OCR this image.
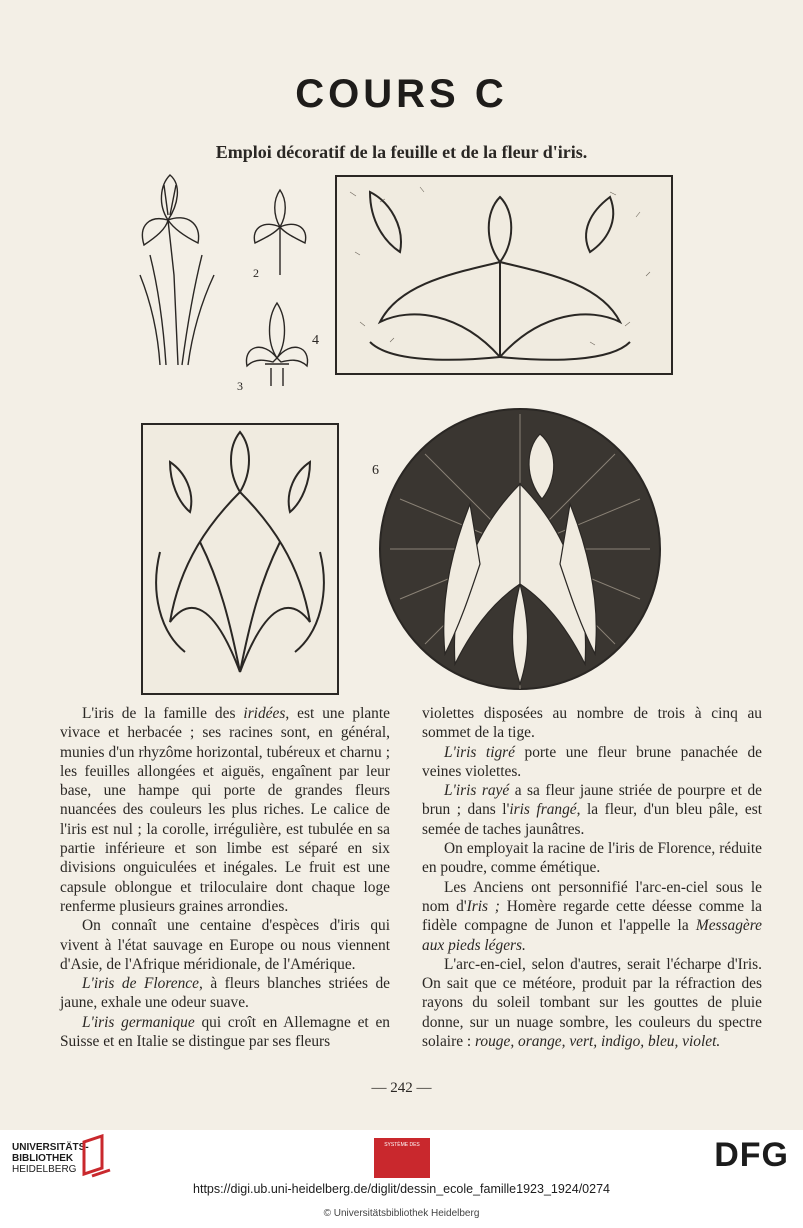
COURS C
Emploi décoratif de la feuille et de la fleur d'iris.
2
3
4
6

L'iris de la famille des iridées, est une plante vivace et herbacée ; ses racines sont, en général, munies d'un rhyzôme horizontal, tubéreux et charnu ; les feuilles allongées et aiguës, engaînent par leur base, une hampe qui porte de grandes fleurs nuancées des couleurs les plus riches. Le calice de l'iris est nul ; la corolle, irrégulière, est tubulée en sa partie inférieure et son limbe est séparé en six divisions onguiculées et inégales. Le fruit est une capsule oblongue et triloculaire dont chaque loge renferme plusieurs graines arrondies.

On connaît une centaine d'espèces d'iris qui vivent à l'état sauvage en Europe ou nous viennent d'Asie, de l'Afrique méridionale, de l'Amérique.

L'iris de Florence, à fleurs blanches striées de jaune, exhale une odeur suave.

L'iris germanique qui croît en Allemagne et en Suisse et en Italie se distingue par ses fleurs

violettes disposées au nombre de trois à cinq au sommet de la tige.

L'iris tigré porte une fleur brune panachée de veines violettes.

L'iris rayé a sa fleur jaune striée de pourpre et de brun ; dans l'iris frangé, la fleur, d'un bleu pâle, est semée de taches jaunâtres.

On employait la racine de l'iris de Florence, réduite en poudre, comme émétique.

Les Anciens ont personnifié l'arc-en-ciel sous le nom d'Iris ; Homère regarde cette déesse comme la fidèle compagne de Junon et l'appelle la Messagère aux pieds légers.

L'arc-en-ciel, selon d'autres, serait l'écharpe d'Iris. On sait que ce météore, produit par la réfraction des rayons du soleil tombant sur les gouttes de pluie donne, sur un nuage sombre, les couleurs du spectre solaire : rouge, orange, vert, indigo, bleu, violet.

— 242 —
UNIVERSITÄTS-
BIBLIOTHEK
HEIDELBERG
SYSTÈME DES	DFG
https://digi.ub.uni-heidelberg.de/diglit/dessin_ecole_famille1923_1924/0274
© Universitätsbibliothek Heidelberg
